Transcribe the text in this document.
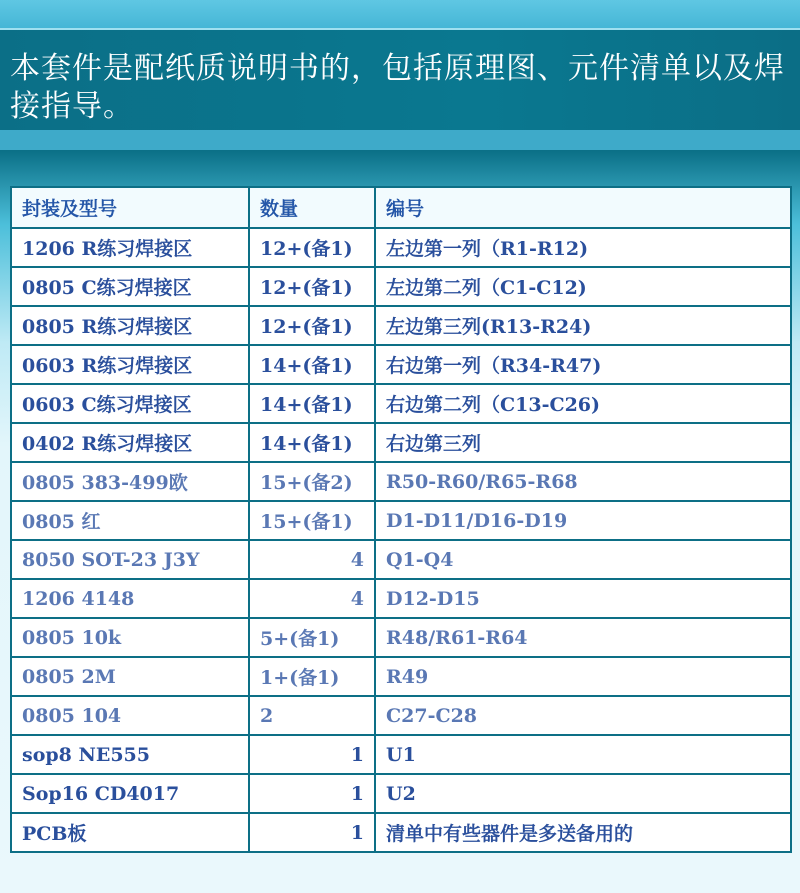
本套件是配纸质说明书的，包括原理图、元件清单以及焊接指导。

封装及型号	数量	编号
1206 R练习焊接区	12+(备1)	左边第一列（R1-R12)
0805 C练习焊接区	12+(备1)	左边第二列（C1-C12)
0805 R练习焊接区	12+(备1)	左边第三列(R13-R24)
0603 R练习焊接区	14+(备1)	右边第一列（R34-R47)
0603 C练习焊接区	14+(备1)	右边第二列（C13-C26)
0402 R练习焊接区	14+(备1)	右边第三列
0805 383-499欧	15+(备2)	R50-R60/R65-R68
0805 红	15+(备1)	D1-D11/D16-D19
8050 SOT-23 J3Y	4	Q1-Q4
1206 4148	4	D12-D15
0805 10k	5+(备1)	R48/R61-R64
0805 2M	1+(备1)	R49
0805 104	2	C27-C28
sop8 NE555	1	U1
Sop16 CD4017	1	U2
PCB板	1	清单中有些器件是多送备用的
